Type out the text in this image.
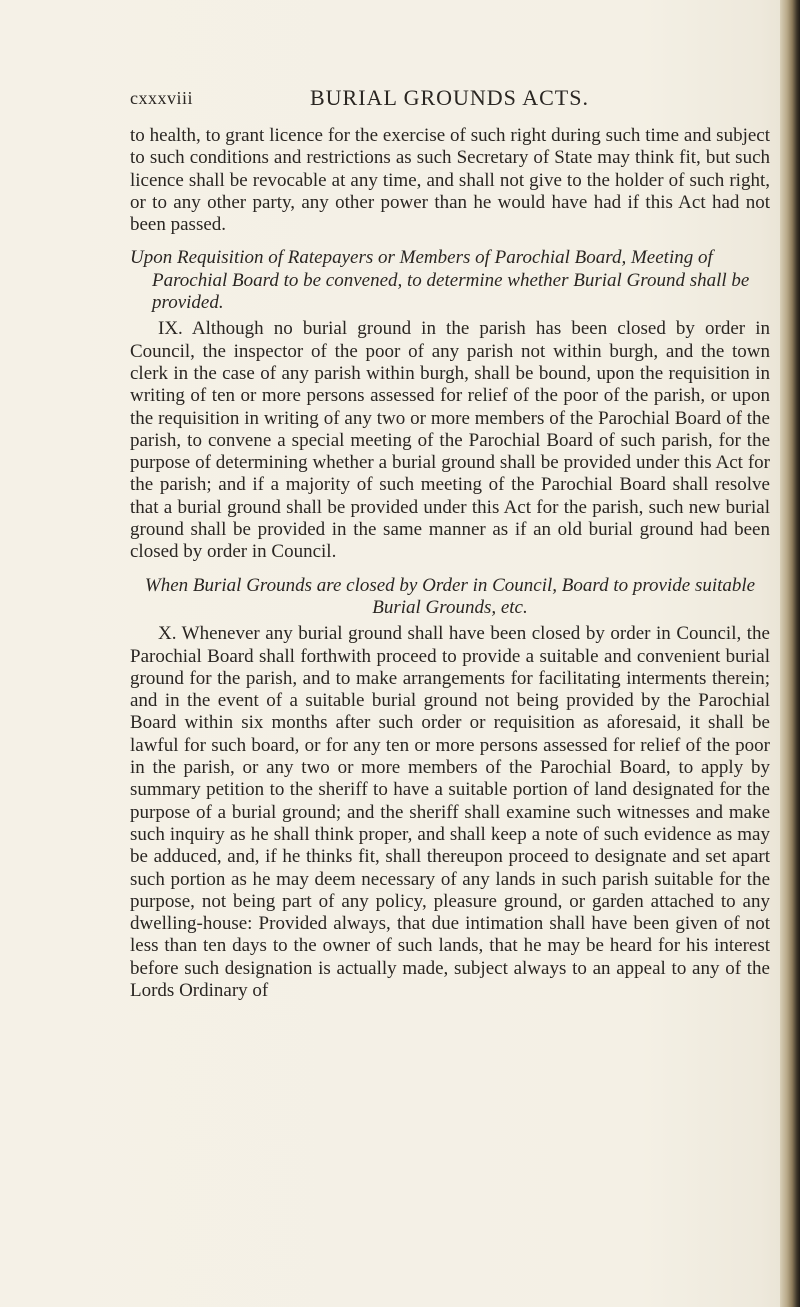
cxxxviii	BURIAL GROUNDS ACTS.

to health, to grant licence for the exercise of such right during such time and subject to such conditions and restrictions as such Secretary of State may think fit, but such licence shall be revocable at any time, and shall not give to the holder of such right, or to any other party, any other power than he would have had if this Act had not been passed.

Upon Requisition of Ratepayers or Members of Parochial Board, Meeting of Parochial Board to be convened, to determine whether Burial Ground shall be provided.

IX. Although no burial ground in the parish has been closed by order in Council, the inspector of the poor of any parish not within burgh, and the town clerk in the case of any parish within burgh, shall be bound, upon the requisition in writing of ten or more persons assessed for relief of the poor of the parish, or upon the requisition in writing of any two or more members of the Parochial Board of the parish, to convene a special meeting of the Parochial Board of such parish, for the purpose of determining whether a burial ground shall be provided under this Act for the parish; and if a majority of such meeting of the Parochial Board shall resolve that a burial ground shall be provided under this Act for the parish, such new burial ground shall be provided in the same manner as if an old burial ground had been closed by order in Council.

When Burial Grounds are closed by Order in Council, Board to provide suitable Burial Grounds, etc.

X. Whenever any burial ground shall have been closed by order in Council, the Parochial Board shall forthwith proceed to provide a suitable and convenient burial ground for the parish, and to make arrangements for facilitating interments therein; and in the event of a suitable burial ground not being provided by the Parochial Board within six months after such order or requisition as aforesaid, it shall be lawful for such board, or for any ten or more persons assessed for relief of the poor in the parish, or any two or more members of the Parochial Board, to apply by summary petition to the sheriff to have a suitable portion of land designated for the purpose of a burial ground; and the sheriff shall examine such witnesses and make such inquiry as he shall think proper, and shall keep a note of such evidence as may be adduced, and, if he thinks fit, shall thereupon proceed to designate and set apart such portion as he may deem necessary of any lands in such parish suitable for the purpose, not being part of any policy, pleasure ground, or garden attached to any dwelling-house: Provided always, that due intimation shall have been given of not less than ten days to the owner of such lands, that he may be heard for his interest before such designation is actually made, subject always to an appeal to any of the Lords Ordinary of
